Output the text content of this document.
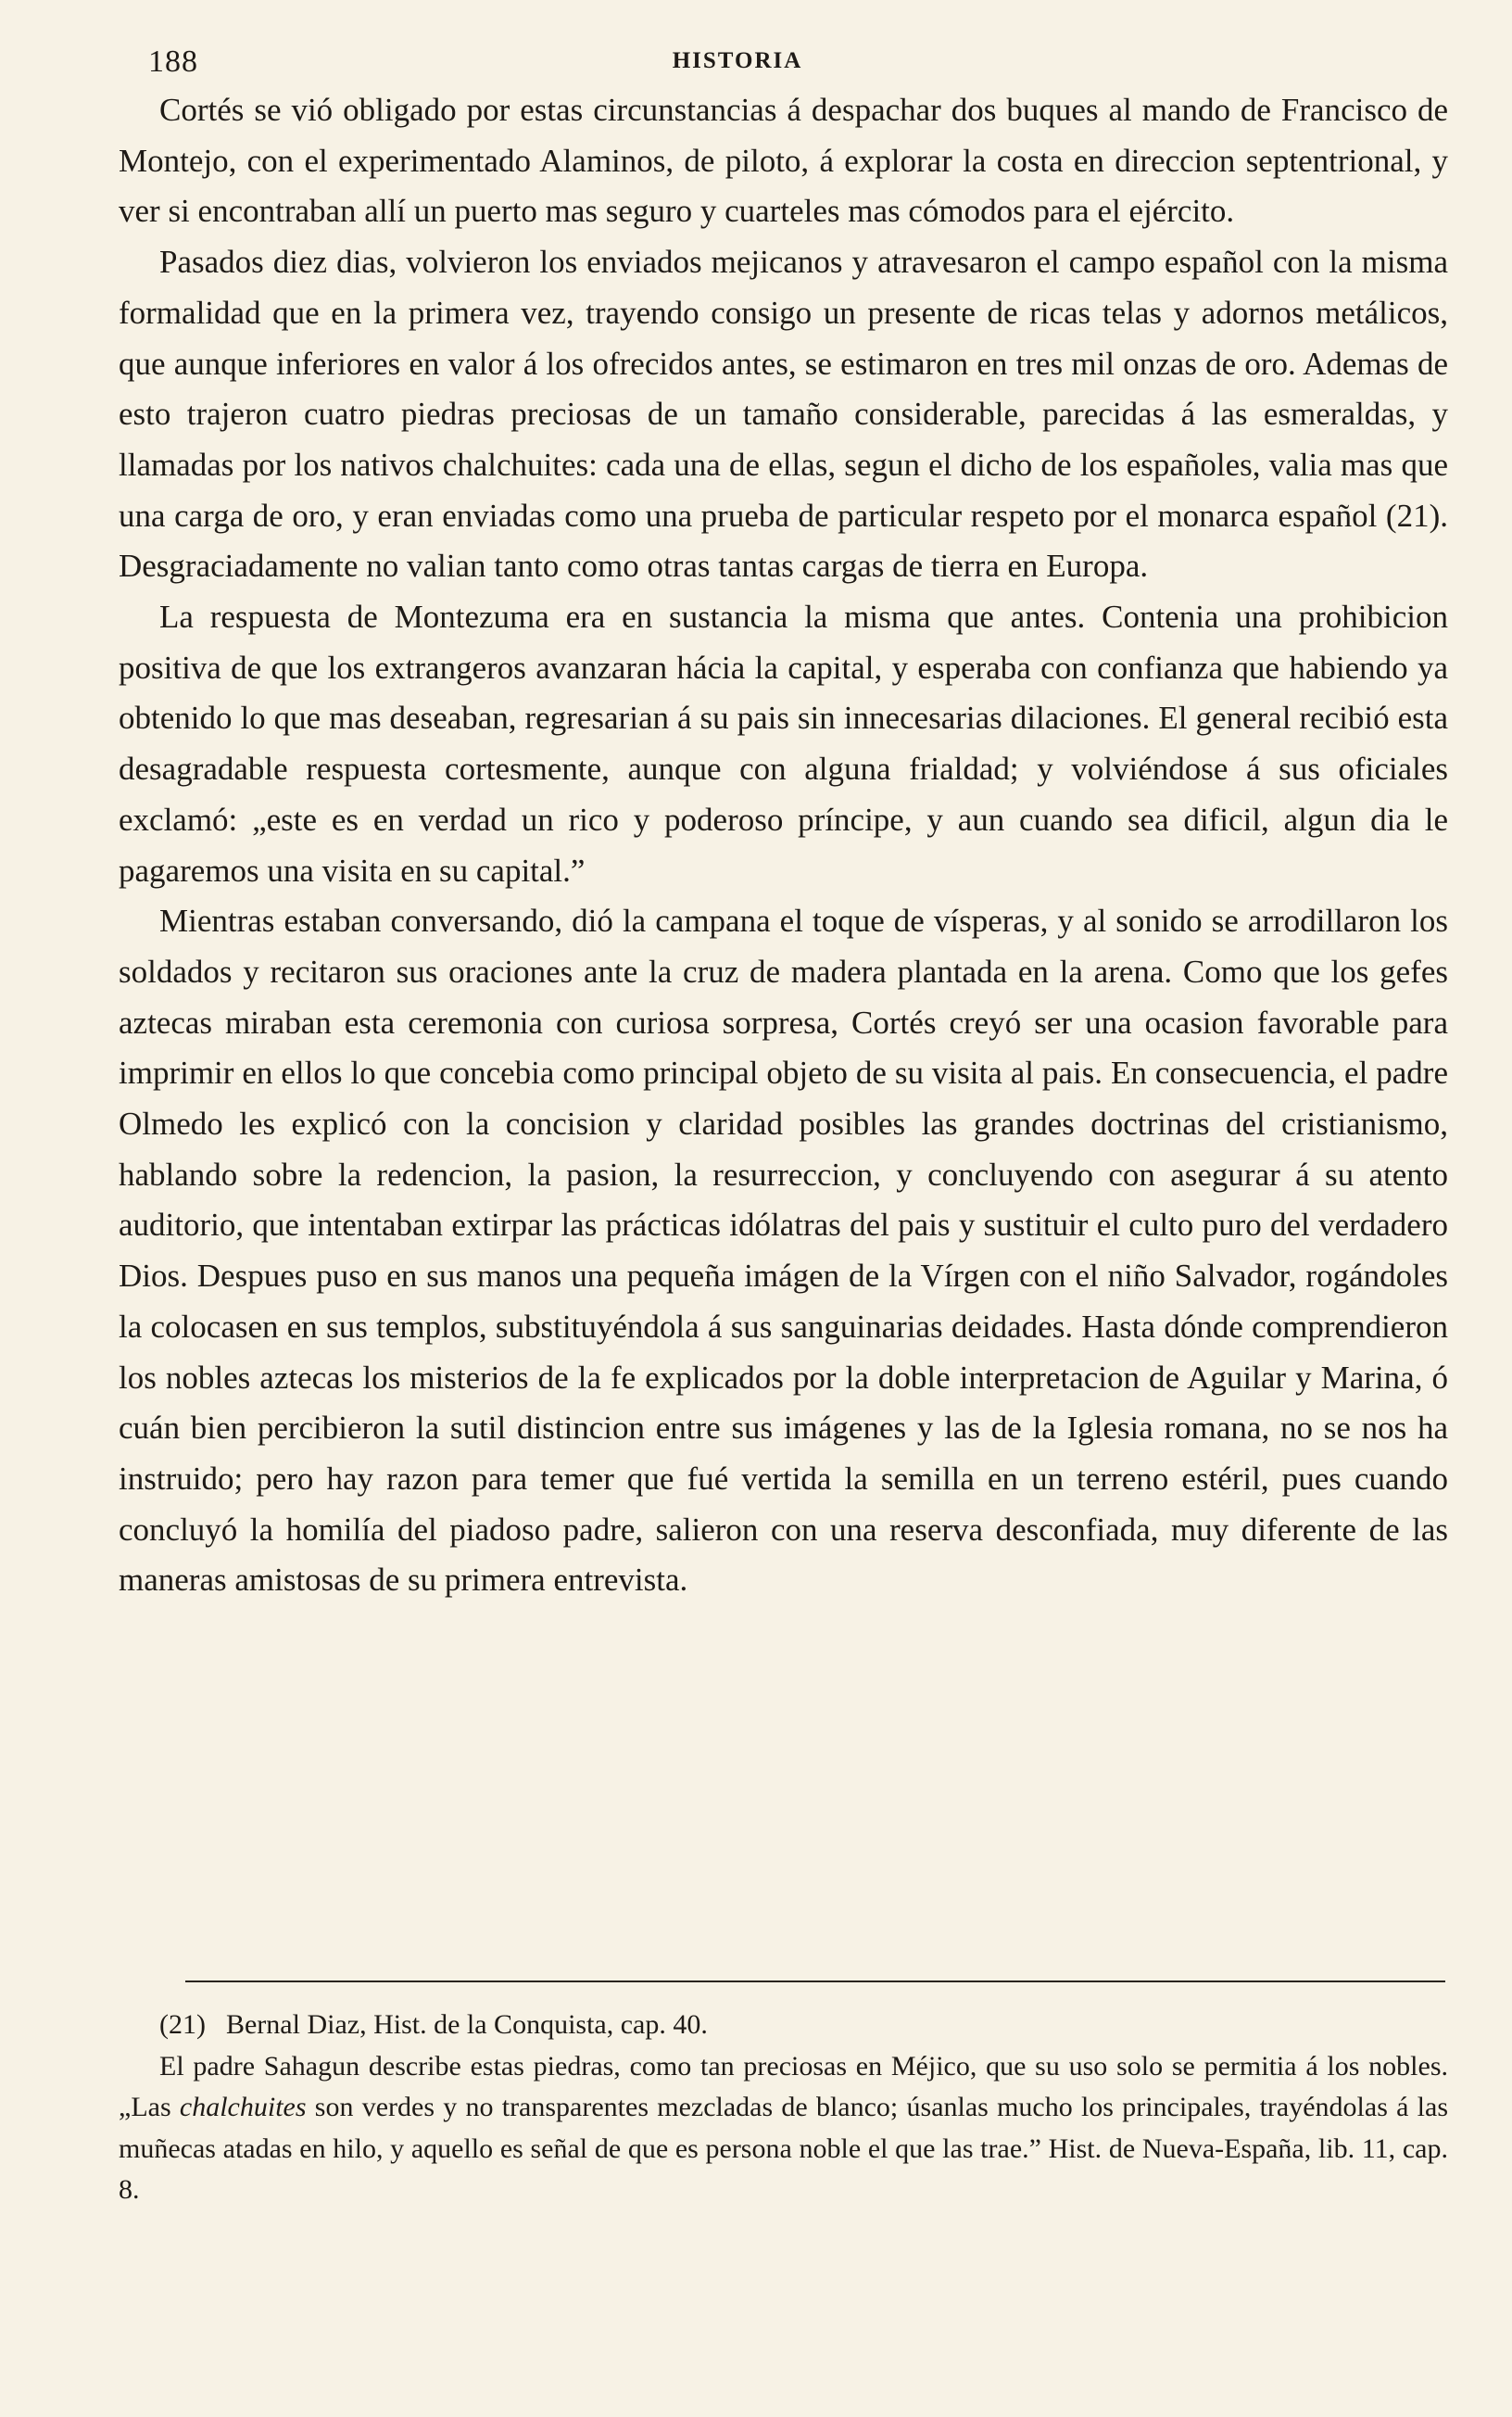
188	HISTORIA

Cortés se vió obligado por estas circunstancias á despachar dos buques al mando de Francisco de Montejo, con el experimentado Alaminos, de piloto, á explorar la costa en direccion septentrional, y ver si encontraban allí un puerto mas seguro y cuarteles mas cómodos para el ejército.

Pasados diez dias, volvieron los enviados mejicanos y atravesaron el campo español con la misma formalidad que en la primera vez, trayendo consigo un presente de ricas telas y adornos metálicos, que aunque inferiores en valor á los ofrecidos antes, se estimaron en tres mil onzas de oro. Ademas de esto trajeron cuatro piedras preciosas de un tamaño considerable, parecidas á las esmeraldas, y llamadas por los nativos chalchuites: cada una de ellas, segun el dicho de los españoles, valia mas que una carga de oro, y eran enviadas como una prueba de particular respeto por el monarca español (21). Desgraciadamente no valian tanto como otras tantas cargas de tierra en Europa.

La respuesta de Montezuma era en sustancia la misma que antes. Contenia una prohibicion positiva de que los extrangeros avanzaran hácia la capital, y esperaba con confianza que habiendo ya obtenido lo que mas deseaban, regresarian á su pais sin innecesarias dilaciones. El general recibió esta desagradable respuesta cortesmente, aunque con alguna frialdad; y volviéndose á sus oficiales exclamó: „este es en verdad un rico y poderoso príncipe, y aun cuando sea dificil, algun dia le pagaremos una visita en su capital.”

Mientras estaban conversando, dió la campana el toque de vísperas, y al sonido se arrodillaron los soldados y recitaron sus oraciones ante la cruz de madera plantada en la arena. Como que los gefes aztecas miraban esta ceremonia con curiosa sorpresa, Cortés creyó ser una ocasion favorable para imprimir en ellos lo que concebia como principal objeto de su visita al pais. En consecuencia, el padre Olmedo les explicó con la concision y claridad posibles las grandes doctrinas del cristianismo, hablando sobre la redencion, la pasion, la resurreccion, y concluyendo con asegurar á su atento auditorio, que intentaban extirpar las prácticas idólatras del pais y sustituir el culto puro del verdadero Dios. Despues puso en sus manos una pequeña imágen de la Vírgen con el niño Salvador, rogándoles la colocasen en sus templos, substituyéndola á sus sanguinarias deidades. Hasta dónde comprendieron los nobles aztecas los misterios de la fe explicados por la doble interpretacion de Aguilar y Marina, ó cuán bien percibieron la sutil distincion entre sus imágenes y las de la Iglesia romana, no se nos ha instruido; pero hay razon para temer que fué vertida la semilla en un terreno estéril, pues cuando concluyó la homilía del piadoso padre, salieron con una reserva desconfiada, muy diferente de las maneras amistosas de su primera entrevista.

(21) Bernal Diaz, Hist. de la Conquista, cap. 40.

El padre Sahagun describe estas piedras, como tan preciosas en Méjico, que su uso solo se permitia á los nobles. „Las chalchuites son verdes y no transparentes mezcladas de blanco; úsanlas mucho los principales, trayéndolas á las muñecas atadas en hilo, y aquello es señal de que es persona noble el que las trae.” Hist. de Nueva-España, lib. 11, cap. 8.
